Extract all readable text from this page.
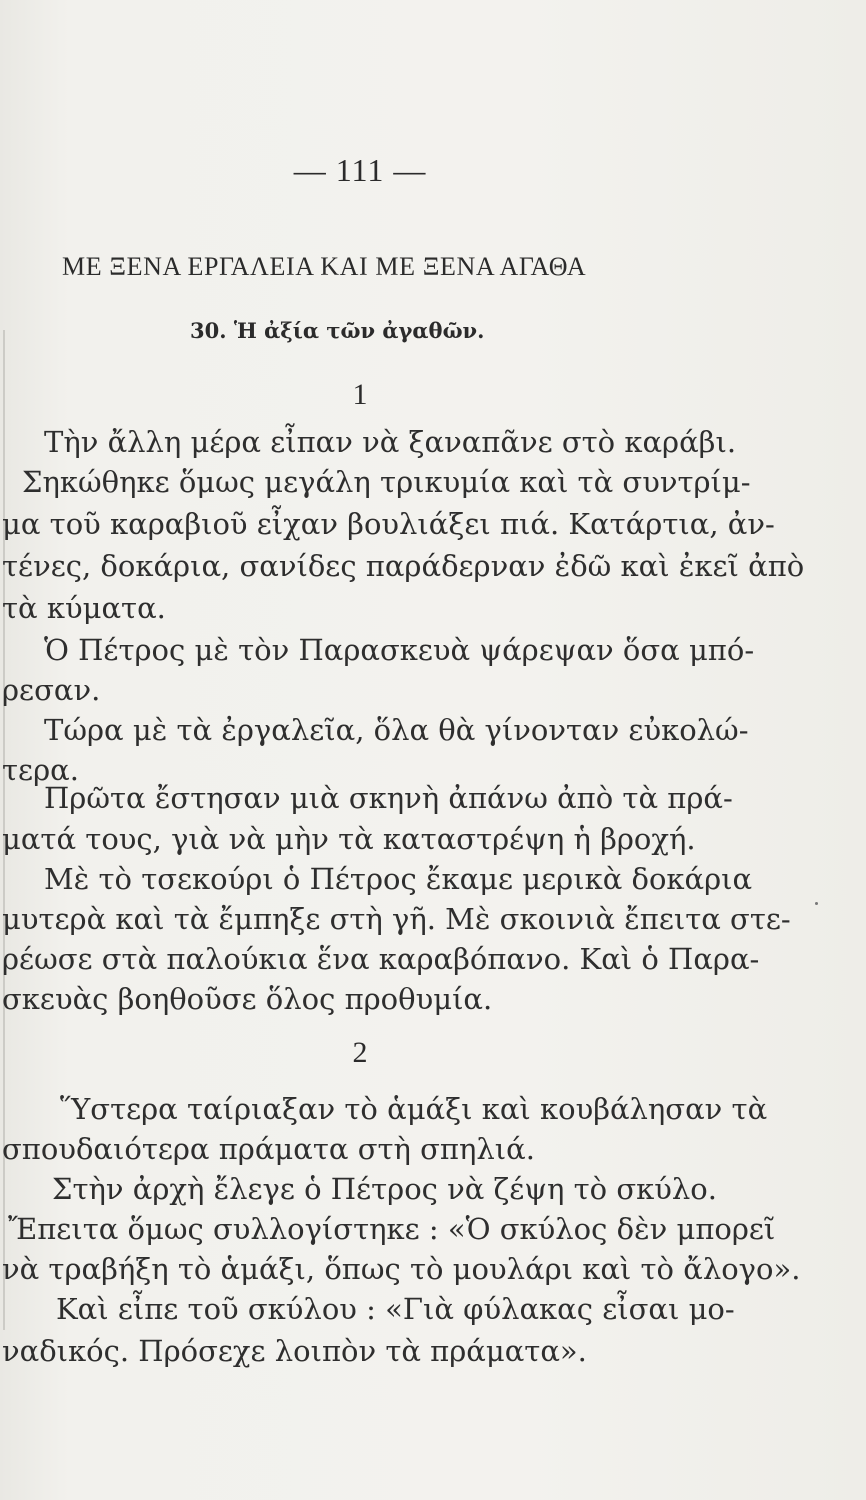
— 111 —
ΜΕ ΞΕΝΑ ΕΡΓΑΛΕΙΑ ΚΑΙ ΜΕ ΞΕΝΑ ΑΓΑΘΑ
30. Ἡ ἀξία τῶν ἀγαθῶν.
1
Τὴν ἄλλη μέρα εἶπαν νὰ ξαναπᾶνε στὸ καράβι.
Σηκώθηκε ὅμως μεγάλη τρικυμία καὶ τὰ συντρίμ-
μα τοῦ καραβιοῦ εἶχαν βουλιάξει πιά. Κατάρτια, ἀν-
τένες, δοκάρια, σανίδες παράδερναν ἐδῶ καὶ ἐκεῖ ἀπὸ
τὰ κύματα.
Ὁ Πέτρος μὲ τὸν Παρασκευὰ ψάρεψαν ὅσα μπό-
ρεσαν.
Τώρα μὲ τὰ ἐργαλεῖα, ὅλα θὰ γίνονταν εὐκολώ-
τερα.
Πρῶτα ἔστησαν μιὰ σκηνὴ ἀπάνω ἀπὸ τὰ πρά-
ματά τους, γιὰ νὰ μὴν τὰ καταστρέψη ἡ βροχή.
Μὲ τὸ τσεκούρι ὁ Πέτρος ἔκαμε μερικὰ δοκάρια
μυτερὰ καὶ τὰ ἔμπηξε στὴ γῆ. Μὲ σκοινιὰ ἔπειτα στε-
ρέωσε στὰ παλούκια ἕνα καραβόπανο. Καὶ ὁ Παρα-
σκευὰς βοηθοῦσε ὅλος προθυμία.
2
Ὕστερα ταίριαξαν τὸ ἁμάξι καὶ κουβάλησαν τὰ
σπουδαιότερα πράματα στὴ σπηλιά.
Στὴν ἀρχὴ ἔλεγε ὁ Πέτρος νὰ ζέψη τὸ σκύλο.
Ἔπειτα ὅμως συλλογίστηκε : «Ὁ σκύλος δὲν μπορεῖ
νὰ τραβήξη τὸ ἁμάξι, ὅπως τὸ μουλάρι καὶ τὸ ἄλογο».
Καὶ εἶπε τοῦ σκύλου : «Γιὰ φύλακας εἶσαι μο-
ναδικός. Πρόσεχε λοιπὸν τὰ πράματα».
